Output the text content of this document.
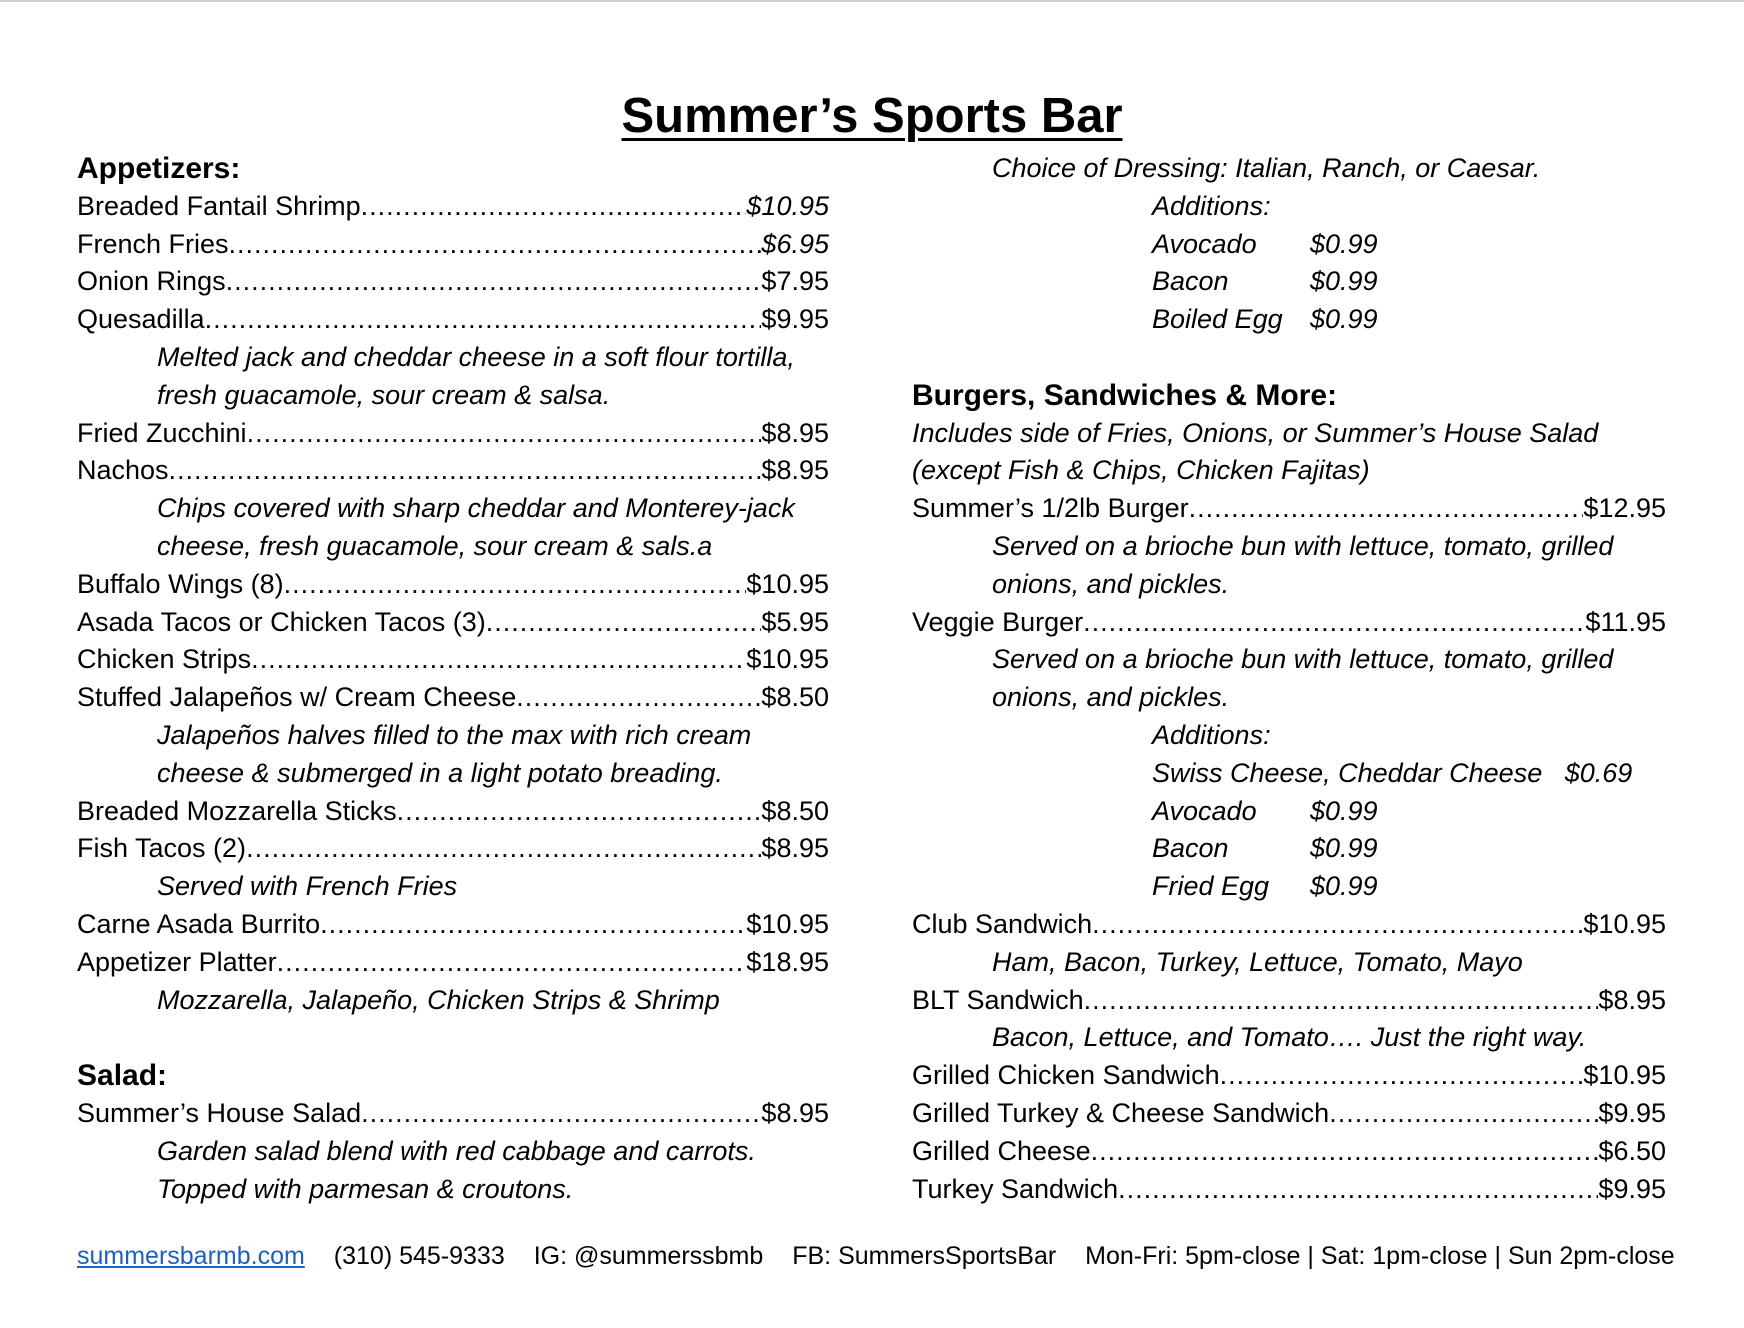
Summer’s Sports Bar
Appetizers:
Breaded Fantail Shrimp .....	$10.95
French Fries .....	$6.95
Onion Rings .....	$7.95
Quesadilla .....	$9.95
Melted jack and cheddar cheese in a soft flour tortilla,
fresh guacamole, sour cream & salsa.
Fried Zucchini .....	$8.95
Nachos .....	$8.95
Chips covered with sharp cheddar and Monterey-jack
cheese, fresh guacamole, sour cream & sals.a
Buffalo Wings (8) .....	$10.95
Asada Tacos or Chicken Tacos (3) .....	$5.95
Chicken Strips .....	$10.95
Stuffed Jalapeños w/ Cream Cheese .....	$8.50
Jalapeños halves filled to the max with rich cream
cheese & submerged in a light potato breading.
Breaded Mozzarella Sticks .....	$8.50
Fish Tacos (2) .....	$8.95
Served with French Fries
Carne Asada Burrito .....	$10.95
Appetizer Platter .....	$18.95
Mozzarella, Jalapeño, Chicken Strips & Shrimp
Salad:
Summer’s House Salad .....	$8.95
Garden salad blend with red cabbage and carrots.
Topped with parmesan & croutons.
Choice of Dressing: Italian, Ranch, or Caesar.
Additions:
Avocado $0.99
Bacon	$0.99
Boiled Egg $0.99
Burgers, Sandwiches & More:
Includes side of Fries, Onions, or Summer’s House Salad
(except Fish & Chips, Chicken Fajitas)
Summer’s 1/2lb Burger .....	$12.95
Served on a brioche bun with lettuce, tomato, grilled
onions, and pickles.
Veggie Burger .....	$11.95
Served on a brioche bun with lettuce, tomato, grilled
onions, and pickles.
Additions:
Swiss Cheese, Cheddar Cheese   $0.69
Avocado $0.99
Bacon	$0.99
Fried Egg $0.99
Club Sandwich .....	$10.95
Ham, Bacon, Turkey, Lettuce, Tomato, Mayo
BLT Sandwich .....	$8.95
Bacon, Lettuce, and Tomato…. Just the right way.
Grilled Chicken Sandwich .....	$10.95
Grilled Turkey & Cheese Sandwich .....	$9.95
Grilled Cheese .....	$6.50
Turkey Sandwich .....	$9.95
summersbarmb.com (310) 545-9333 IG: @summerssbmb FB: SummersSportsBar Mon-Fri: 5pm-close | Sat: 1pm-close | Sun 2pm-close
